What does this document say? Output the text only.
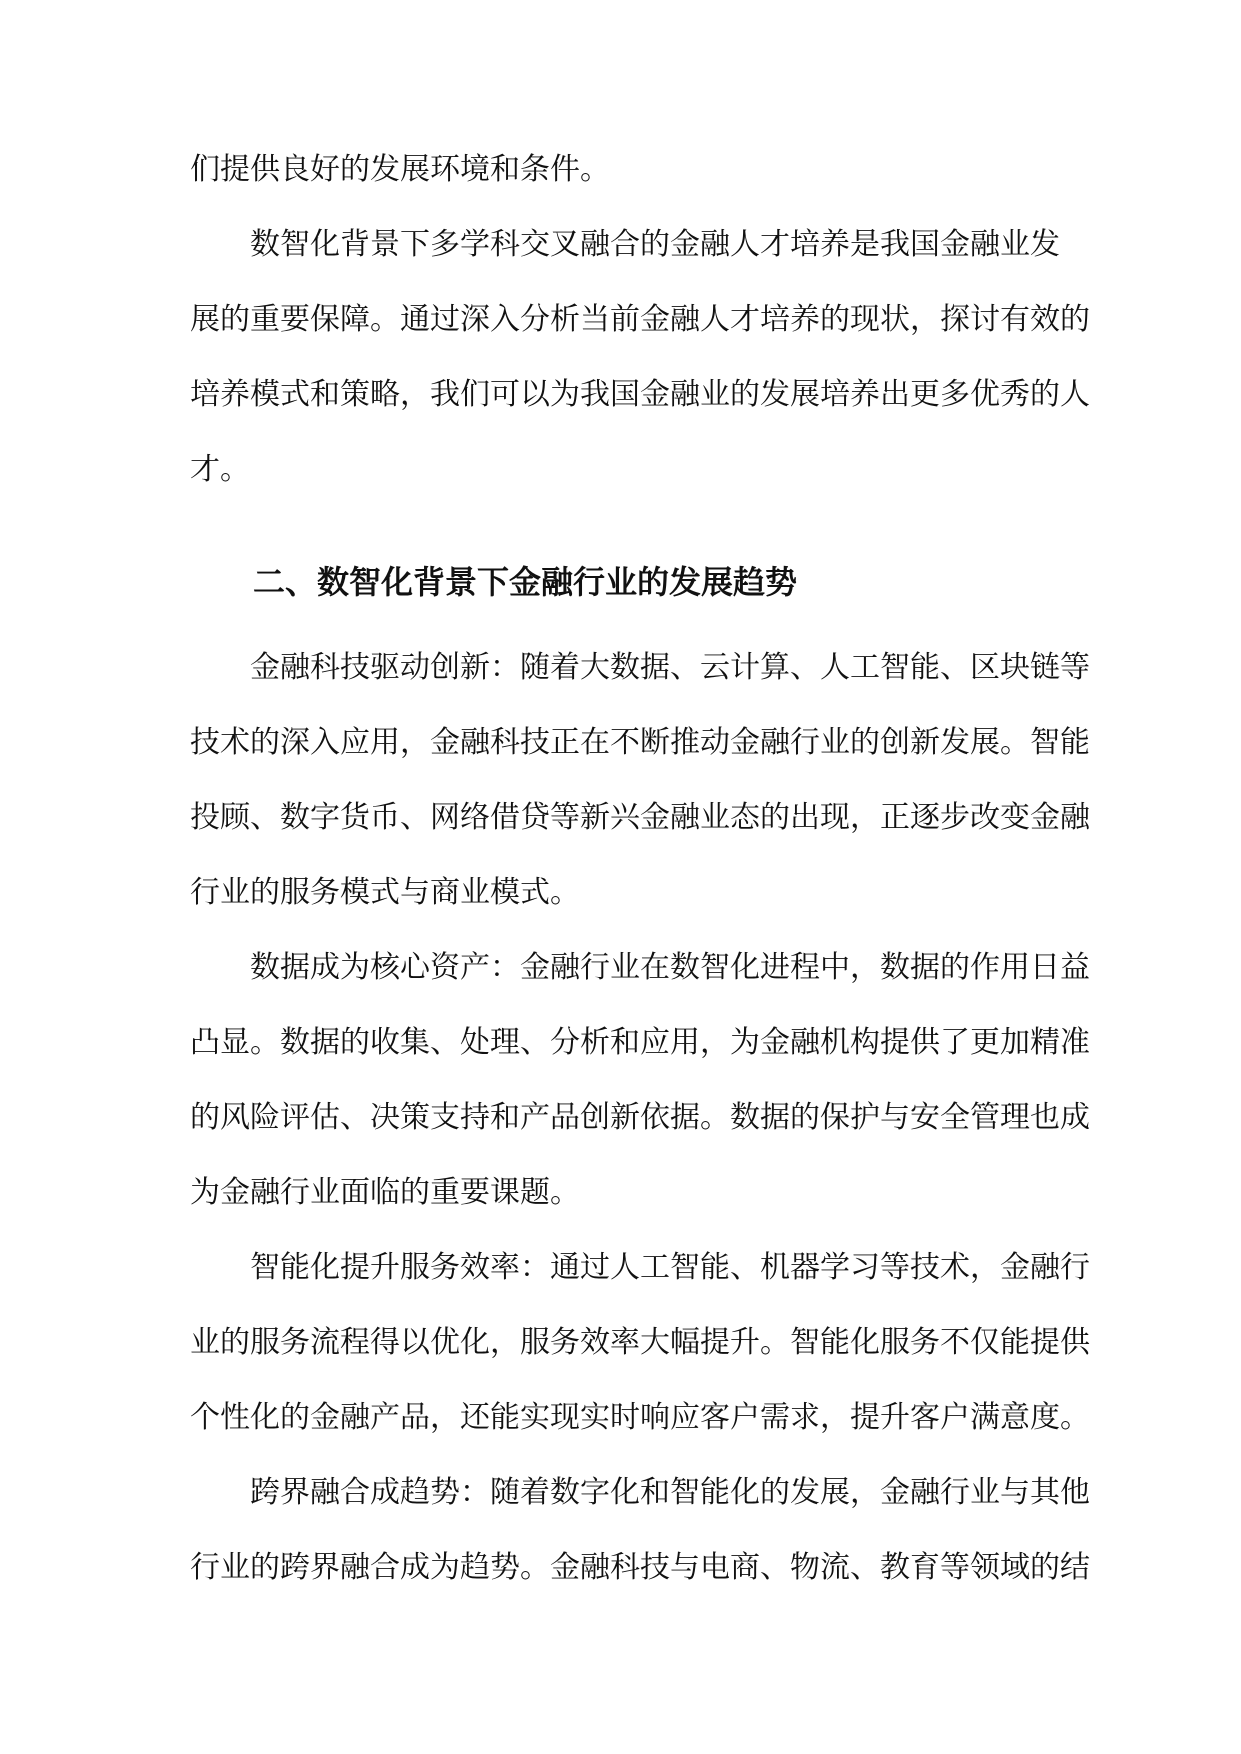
们提供良好的发展环境和条件。
数智化背景下多学科交叉融合的金融人才培养是我国金融业发
展的重要保障。通过深入分析当前金融人才培养的现状，探讨有效的
培养模式和策略，我们可以为我国金融业的发展培养出更多优秀的人
才。
二、数智化背景下金融行业的发展趋势
金融科技驱动创新：随着大数据、云计算、人工智能、区块链等
技术的深入应用，金融科技正在不断推动金融行业的创新发展。智能
投顾、数字货币、网络借贷等新兴金融业态的出现，正逐步改变金融
行业的服务模式与商业模式。
数据成为核心资产：金融行业在数智化进程中，数据的作用日益
凸显。数据的收集、处理、分析和应用，为金融机构提供了更加精准
的风险评估、决策支持和产品创新依据。数据的保护与安全管理也成
为金融行业面临的重要课题。
智能化提升服务效率：通过人工智能、机器学习等技术，金融行
业的服务流程得以优化，服务效率大幅提升。智能化服务不仅能提供
个性化的金融产品，还能实现实时响应客户需求，提升客户满意度。
跨界融合成趋势：随着数字化和智能化的发展，金融行业与其他
行业的跨界融合成为趋势。金融科技与电商、物流、教育等领域的结
